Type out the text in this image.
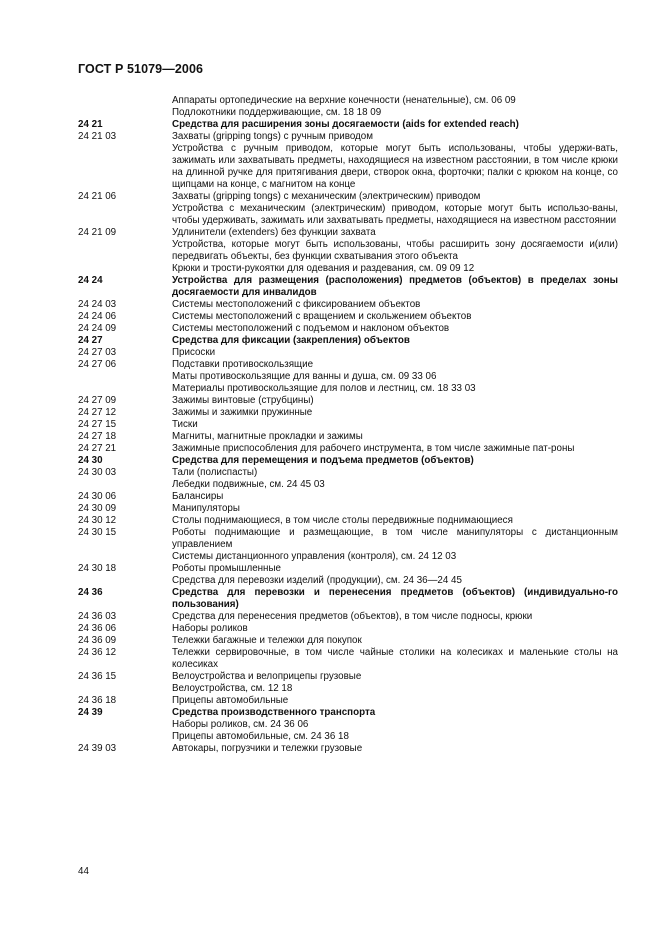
ГОСТ Р 51079—2006
Аппараты ортопедические на верхние конечности (ненательные), см. 06 09
Подлокотники поддерживающие, см. 18 18 09
24 21	Средства для расширения зоны досягаемости (aids for extended reach)
24 21 03	Захваты (gripping tongs) с ручным приводом
Устройства с ручным приводом, которые могут быть использованы, чтобы удержи-вать, зажимать или захватывать предметы, находящиеся на известном расстоянии, в том числе крюки на длинной ручке для притягивания двери, створок окна, форточки; палки с крюком на конце, со щипцами на конце, с магнитом на конце
24 21 06	Захваты (gripping tongs) с механическим (электрическим) приводом
Устройства с механическим (электрическим) приводом, которые могут быть использо-ваны, чтобы удерживать, зажимать или захватывать предметы, находящиеся на известном расстоянии
24 21 09	Удлинители (extenders) без функции захвата
Устройства, которые могут быть использованы, чтобы расширить зону досягаемости и(или) передвигать объекты, без функции схватывания этого объекта
Крюки и трости-рукоятки для одевания и раздевания, см. 09 09 12
24 24	Устройства для размещения (расположения) предметов (объектов) в пределах зоны досягаемости для инвалидов
24 24 03	Системы местоположений с фиксированием объектов
24 24 06	Системы местоположений с вращением и скольжением объектов
24 24 09	Системы местоположений с подъемом и наклоном объектов
24 27	Средства для фиксации (закрепления) объектов
24 27 03	Присоски
24 27 06	Подставки противоскользящие
Маты противоскользящие для ванны и душа, см. 09 33 06
Материалы противоскользящие для полов и лестниц, см. 18 33 03
24 27 09	Зажимы винтовые (струбцины)
24 27 12	Зажимы и зажимки пружинные
24 27 15	Тиски
24 27 18	Магниты, магнитные прокладки и зажимы
24 27 21	Зажимные приспособления для рабочего инструмента, в том числе зажимные пат-роны
24 30	Средства для перемещения и подъема предметов (объектов)
24 30 03	Тали (полиспасты)
Лебедки подвижные, см. 24 45 03
24 30 06	Балансиры
24 30 09	Манипуляторы
24 30 12	Столы поднимающиеся, в том числе столы передвижные поднимающиеся
24 30 15	Роботы поднимающие и размещающие, в том числе манипуляторы с дистанционным управлением
Системы дистанционного управления (контроля), см. 24 12 03
24 30 18	Роботы промышленные
Средства для перевозки изделий (продукции), см. 24 36—24 45
24 36	Средства для перевозки и перенесения предметов (объектов) (индивидуально-го пользования)
24 36 03	Средства для перенесения предметов (объектов), в том числе подносы, крюки
24 36 06	Наборы роликов
24 36 09	Тележки багажные и тележки для покупок
24 36 12	Тележки сервировочные, в том числе чайные столики на колесиках и маленькие столы на колесиках
24 36 15	Велоустройства и велоприцепы грузовые
Велоустройства, см. 12 18
24 36 18	Прицепы автомобильные
24 39	Средства производственного транспорта
Наборы роликов, см. 24 36 06
Прицепы автомобильные, см. 24 36 18
24 39 03	Автокары, погрузчики и тележки грузовые
44
